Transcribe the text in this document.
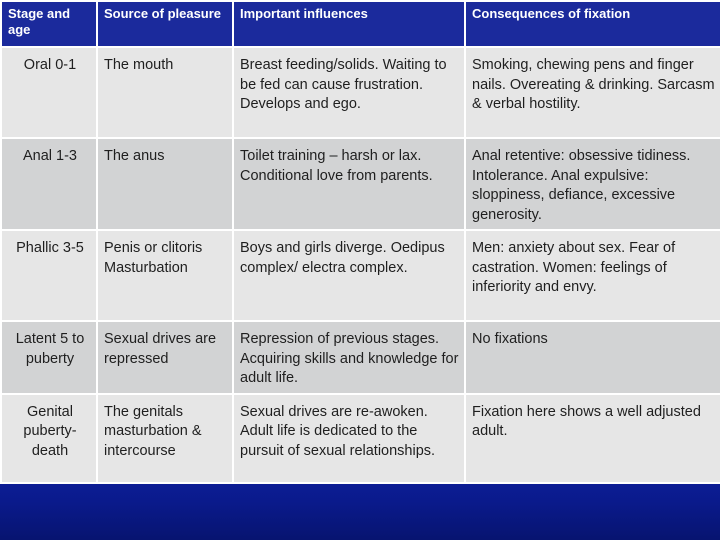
Stage and age	Source of pleasure	Important influences	Consequences of fixation
Oral 0-1	The mouth	Breast feeding/solids. Waiting to be fed can cause frustration. Develops and ego.	Smoking, chewing pens and finger nails. Overeating & drinking. Sarcasm & verbal hostility.
Anal 1-3	The anus	Toilet training – harsh or lax. Conditional love from parents.	Anal retentive: obsessive tidiness. Intolerance. Anal expulsive: sloppiness, defiance, excessive generosity.
Phallic 3-5	Penis or clitoris Masturbation	Boys and girls diverge. Oedipus complex/ electra complex.	Men: anxiety about sex. Fear of castration. Women: feelings of inferiority and envy.
Latent 5 to puberty	Sexual drives are repressed	Repression of previous stages. Acquiring skills and knowledge for adult life.	No fixations
Genital puberty- death	The genitals masturbation & intercourse	Sexual drives are re-awoken. Adult life is dedicated to the pursuit of sexual relationships.	Fixation here shows a well adjusted adult.
